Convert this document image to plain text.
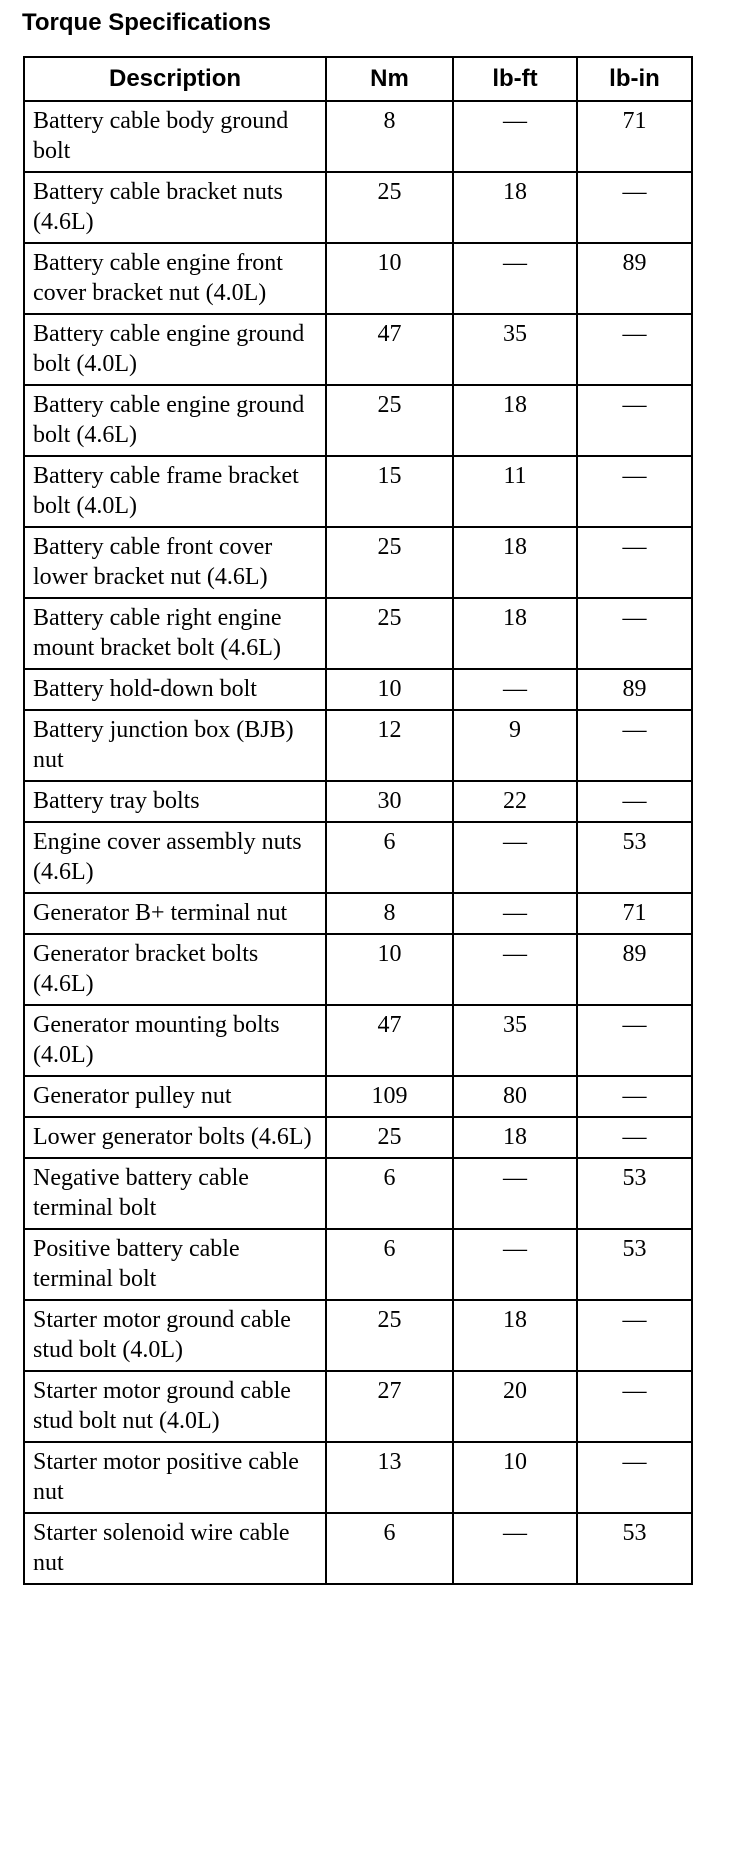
Torque Specifications
Description	Nm	lb-ft	lb-in
Battery cable body ground bolt	8	—	71
Battery cable bracket nuts (4.6L)	25	18	—
Battery cable engine front cover bracket nut (4.0L)	10	—	89
Battery cable engine ground bolt (4.0L)	47	35	—
Battery cable engine ground bolt (4.6L)	25	18	—
Battery cable frame bracket bolt (4.0L)	15	11	—
Battery cable front cover lower bracket nut (4.6L)	25	18	—
Battery cable right engine mount bracket bolt (4.6L)	25	18	—
Battery hold-down bolt	10	—	89
Battery junction box (BJB) nut	12	9	—
Battery tray bolts	30	22	—
Engine cover assembly nuts (4.6L)	6	—	53
Generator B+ terminal nut	8	—	71
Generator bracket bolts (4.6L)	10	—	89
Generator mounting bolts (4.0L)	47	35	—
Generator pulley nut	109	80	—
Lower generator bolts (4.6L)	25	18	—
Negative battery cable terminal bolt	6	—	53
Positive battery cable terminal bolt	6	—	53
Starter motor ground cable stud bolt (4.0L)	25	18	—
Starter motor ground cable stud bolt nut (4.0L)	27	20	—
Starter motor positive cable nut	13	10	—
Starter solenoid wire cable nut	6	—	53
